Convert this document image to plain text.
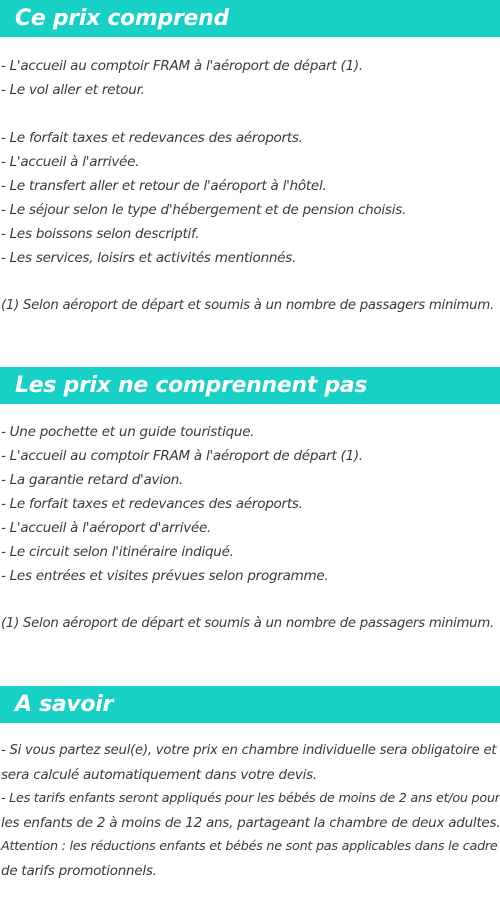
Ce prix comprend
- L'accueil au comptoir FRAM à l'aéroport de départ (1).
- Le vol aller et retour.
- Le forfait taxes et redevances des aéroports.
- L'accueil à l'arrivée.
- Le transfert aller et retour de l'aéroport à l'hôtel.
- Le séjour selon le type d'hébergement et de pension choisis.
- Les boissons selon descriptif.
- Les services, loisirs et activités mentionnés.
(1) Selon aéroport de départ et soumis à un nombre de passagers minimum.
Les prix ne comprennent pas
- Une pochette et un guide touristique.
- L'accueil au comptoir FRAM à l'aéroport de départ (1).
- La garantie retard d'avion.
- Le forfait taxes et redevances des aéroports.
- L'accueil à l'aéroport d'arrivée.
- Le circuit selon l'itinéraire indiqué.
- Les entrées et visites prévues selon programme.
(1) Selon aéroport de départ et soumis à un nombre de passagers minimum.
A savoir
- Si vous partez seul(e), votre prix en chambre individuelle sera obligatoire et
sera calculé automatiquement dans votre devis.
- Les tarifs enfants seront appliqués pour les bébés de moins de 2 ans et/ou pour
les enfants de 2 à moins de 12 ans, partageant la chambre de deux adultes.
Attention : les réductions enfants et bébés ne sont pas applicables dans le cadre
de tarifs promotionnels.
